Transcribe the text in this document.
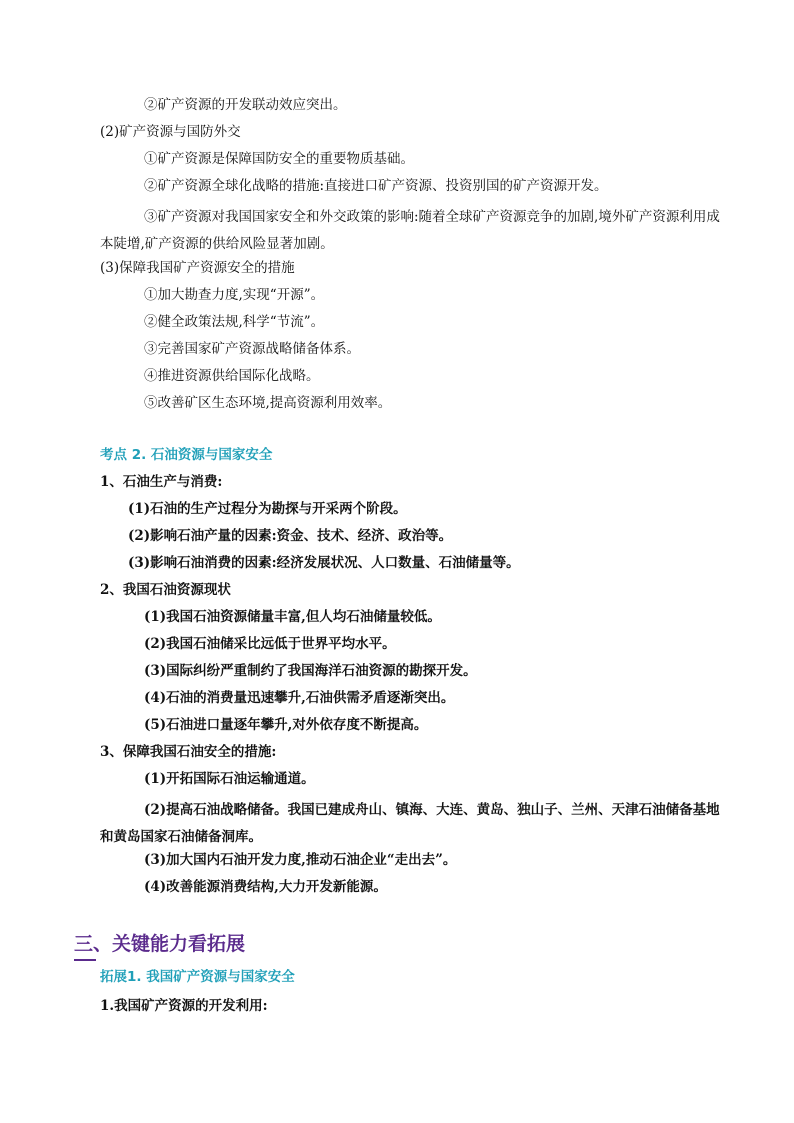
②矿产资源的开发联动效应突出。
(2)矿产资源与国防外交
①矿产资源是保障国防安全的重要物质基础。
②矿产资源全球化战略的措施:直接进口矿产资源、投资别国的矿产资源开发。
③矿产资源对我国国家安全和外交政策的影响:随着全球矿产资源竞争的加剧,境外矿产资源利用成本陡增,矿产资源的供给风险显著加剧。
(3)保障我国矿产资源安全的措施
①加大勘查力度,实现“开源”。
②健全政策法规,科学“节流”。
③完善国家矿产资源战略储备体系。
④推进资源供给国际化战略。
⑤改善矿区生态环境,提高资源利用效率。
考点 2. 石油资源与国家安全
1、石油生产与消费:
(1)石油的生产过程分为勘探与开采两个阶段。
(2)影响石油产量的因素:资金、技术、经济、政治等。
(3)影响石油消费的因素:经济发展状况、人口数量、石油储量等。
2、我国石油资源现状
(1)我国石油资源储量丰富,但人均石油储量较低。
(2)我国石油储采比远低于世界平均水平。
(3)国际纠纷严重制约了我国海洋石油资源的勘探开发。
(4)石油的消费量迅速攀升,石油供需矛盾逐渐突出。
(5)石油进口量逐年攀升,对外依存度不断提高。
3、保障我国石油安全的措施:
(1)开拓国际石油运输通道。
(2)提高石油战略储备。我国已建成舟山、镇海、大连、黄岛、独山子、兰州、天津石油储备基地和黄岛国家石油储备洞库。
(3)加大国内石油开发力度,推动石油企业“走出去”。
(4)改善能源消费结构,大力开发新能源。
三、关键能力看拓展
拓展1. 我国矿产资源与国家安全
1.我国矿产资源的开发利用:
